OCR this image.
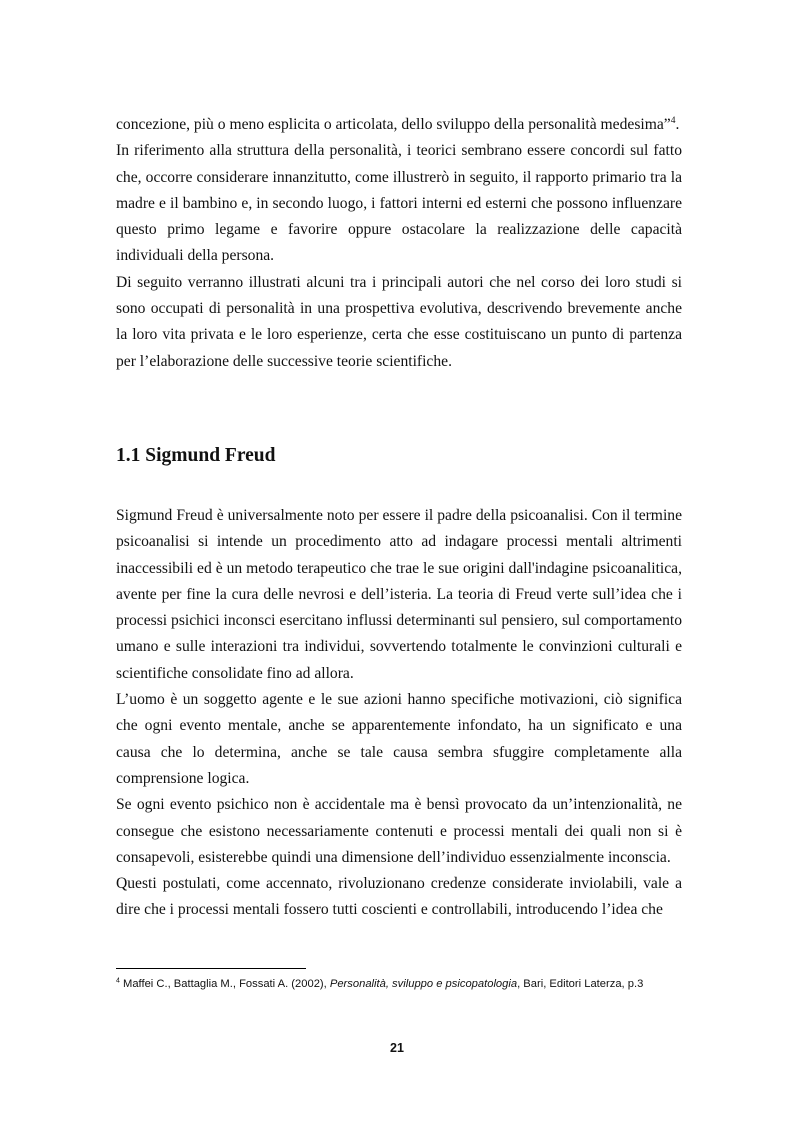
concezione, più o meno esplicita o articolata, dello sviluppo della personalità medesima”$^4$.

In riferimento alla struttura della personalità, i teorici sembrano essere concordi sul fatto che, occorre considerare innanzitutto, come illustrerò in seguito, il rapporto primario tra la madre e il bambino e, in secondo luogo, i fattori interni ed esterni che possono influenzare questo primo legame e favorire oppure ostacolare la realizzazione delle capacità individuali della persona.

Di seguito verranno illustrati alcuni tra i principali autori che nel corso dei loro studi si sono occupati di personalità in una prospettiva evolutiva, descrivendo brevemente anche la loro vita privata e le loro esperienze, certa che esse costituiscano un punto di partenza per l’elaborazione delle successive teorie scientifiche.

1.1 Sigmund Freud

Sigmund Freud è universalmente noto per essere il padre della psicoanalisi. Con il termine psicoanalisi si intende un procedimento atto ad indagare processi mentali altrimenti inaccessibili ed è un metodo terapeutico che trae le sue origini dall'indagine psicoanalitica, avente per fine la cura delle nevrosi e dell’isteria. La teoria di Freud verte sull’idea che i processi psichici inconsci esercitano influssi determinanti sul pensiero, sul comportamento umano e sulle interazioni tra individui, sovvertendo totalmente le convinzioni culturali e scientifiche consolidate fino ad allora.

L’uomo è un soggetto agente e le sue azioni hanno specifiche motivazioni, ciò significa che ogni evento mentale, anche se apparentemente infondato, ha un significato e una causa che lo determina, anche se tale causa sembra sfuggire completamente alla comprensione logica.

Se ogni evento psichico non è accidentale ma è bensì provocato da un’intenzionalità, ne consegue che esistono necessariamente contenuti e processi mentali dei quali non si è consapevoli, esisterebbe quindi una dimensione dell’individuo essenzialmente inconscia.

Questi postulati, come accennato, rivoluzionano credenze considerate inviolabili, vale a dire che i processi mentali fossero tutti coscienti e controllabili, introducendo l’idea che

$^4$ Maffei C., Battaglia M., Fossati A. (2002), Personalità, sviluppo e psicopatologia, Bari, Editori Laterza, p.3

21
